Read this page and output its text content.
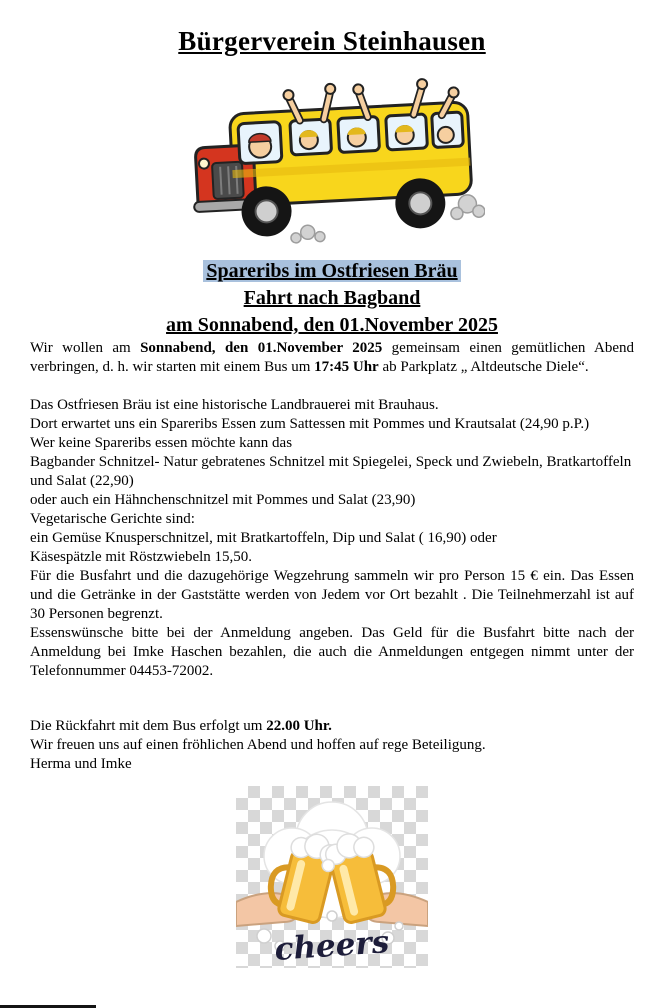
Bürgerverein Steinhausen
Spareribs im Ostfriesen Bräu
Fahrt nach Bagband
am Sonnabend, den 01.November 2025

Wir wollen am Sonnabend, den 01.November 2025 gemeinsam einen gemütlichen Abend verbringen, d. h. wir starten mit einem Bus um 17:45 Uhr ab Parkplatz „ Altdeutsche Diele“.

Das Ostfriesen Bräu ist eine historische Landbrauerei mit Brauhaus.
Dort erwartet uns ein Spareribs Essen zum Sattessen mit Pommes und Krautsalat (24,90 p.P.)
Wer keine Spareribs essen möchte kann das
Bagbander Schnitzel- Natur gebratenes Schnitzel mit Spiegelei, Speck und Zwiebeln, Bratkartoffeln und Salat (22,90)
oder auch ein Hähnchenschnitzel mit Pommes und Salat (23,90)
Vegetarische Gerichte sind:
ein Gemüse Knusperschnitzel, mit Bratkartoffeln, Dip und Salat ( 16,90) oder
Käsespätzle mit Röstzwiebeln 15,50.

Für die Busfahrt und die dazugehörige Wegzehrung sammeln wir pro Person 15 € ein. Das Essen und die Getränke in der Gaststätte werden von Jedem vor Ort bezahlt . Die Teilnehmerzahl ist auf 30 Personen begrenzt.

Essenswünsche bitte bei der Anmeldung angeben. Das Geld für die Busfahrt bitte nach der Anmeldung bei Imke Haschen bezahlen, die auch die Anmeldungen entgegen nimmt unter der Telefonnummer 04453-72002.

Die Rückfahrt mit dem Bus erfolgt um 22.00 Uhr.

Wir freuen uns auf einen fröhlichen Abend und hoffen auf rege Beteiligung.

Herma und Imke

cheers
